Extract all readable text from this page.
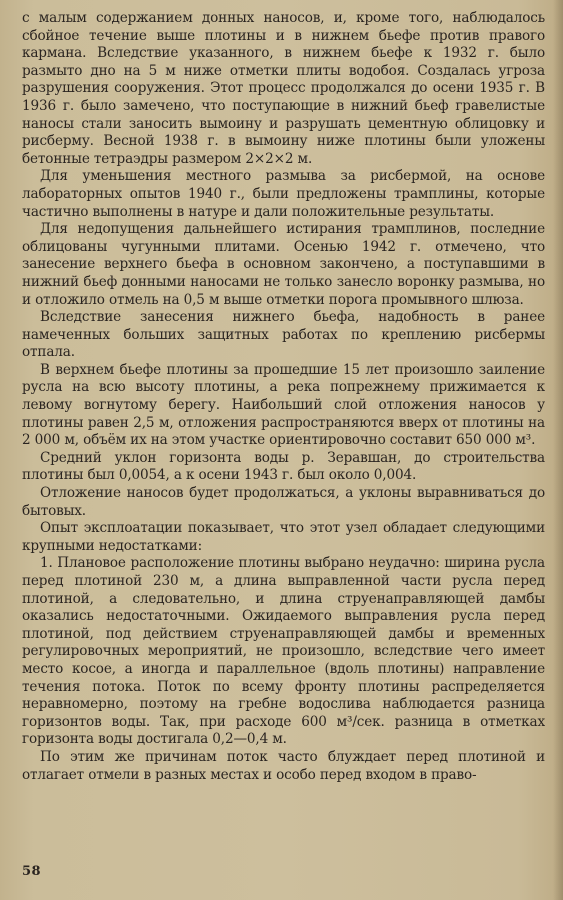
с малым содержанием донных наносов, и, кроме того, наблюдалось сбойное течение выше плотины и в нижнем бьефе против правого кармана. Вследствие указанного, в нижнем бьефе к 1932 г. было размыто дно на 5 м ниже отметки плиты водобоя. Создалась угроза разрушения сооружения. Этот процесс продолжался до осени 1935 г. В 1936 г. было замечено, что поступающие в нижний бьеф гравелистые наносы стали заносить вымоину и разрушать цементную облицовку и рисберму. Весной 1938 г. в вымоину ниже плотины были уложены бетонные тетраэдры размером 2×2×2 м.

Для уменьшения местного размыва за рисбермой, на основе лабораторных опытов 1940 г., были предложены трамплины, которые частично выполнены в натуре и дали положительные результаты.

Для недопущения дальнейшего истирания трамплинов, последние облицованы чугунными плитами. Осенью 1942 г. отмечено, что занесение верхнего бьефа в основном закончено, а поступавшими в нижний бьеф донными наносами не только занесло воронку размыва, но и отложило отмель на 0,5 м выше отметки порога промывного шлюза.

Вследствие занесения нижнего бьефа, надобность в ранее намеченных больших защитных работах по креплению рисбермы отпала.

В верхнем бьефе плотины за прошедшие 15 лет произошло заиление русла на всю высоту плотины, а река попрежнему прижимается к левому вогнутому берегу. Наибольший слой отложения наносов у плотины равен 2,5 м, отложения распространяются вверх от плотины на 2 000 м, объём их на этом участке ориентировочно составит 650 000 м³.

Средний уклон горизонта воды р. Зеравшан, до строительства плотины был 0,0054, а к осени 1943 г. был около 0,004.

Отложение наносов будет продолжаться, а уклоны выравниваться до бытовых.

Опыт эксплоатации показывает, что этот узел обладает следующими крупными недостатками:

1. Плановое расположение плотины выбрано неудачно: ширина русла перед плотиной 230 м, а длина выправленной части русла перед плотиной, а следовательно, и длина струенаправляющей дамбы оказались недостаточными. Ожидаемого выправления русла перед плотиной, под действием струенаправляющей дамбы и временных регулировочных мероприятий, не произошло, вследствие чего имеет место косое, а иногда и параллельное (вдоль плотины) направление течения потока. Поток по всему фронту плотины распределяется неравномерно, поэтому на гребне водослива наблюдается разница горизонтов воды. Так, при расходе 600 м³/сек. разница в отметках горизонта воды достигала 0,2—0,4 м.

По этим же причинам поток часто блуждает перед плотиной и отлагает отмели в разных местах и особо перед входом в право-

58
